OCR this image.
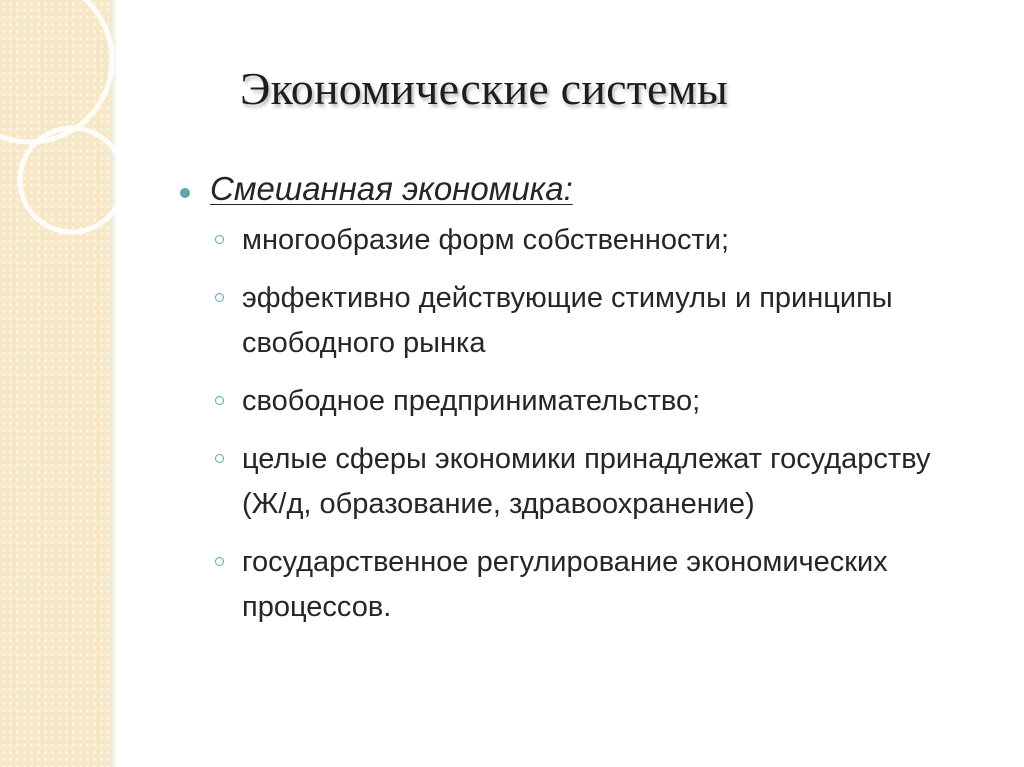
Экономические системы
Смешанная экономика:
многообразие форм собственности;
эффективно действующие стимулы и принципы свободного рынка
свободное предпринимательство;
целые сферы экономики принадлежат государству (Ж/д, образование, здравоохранение)
государственное регулирование экономических процессов.
